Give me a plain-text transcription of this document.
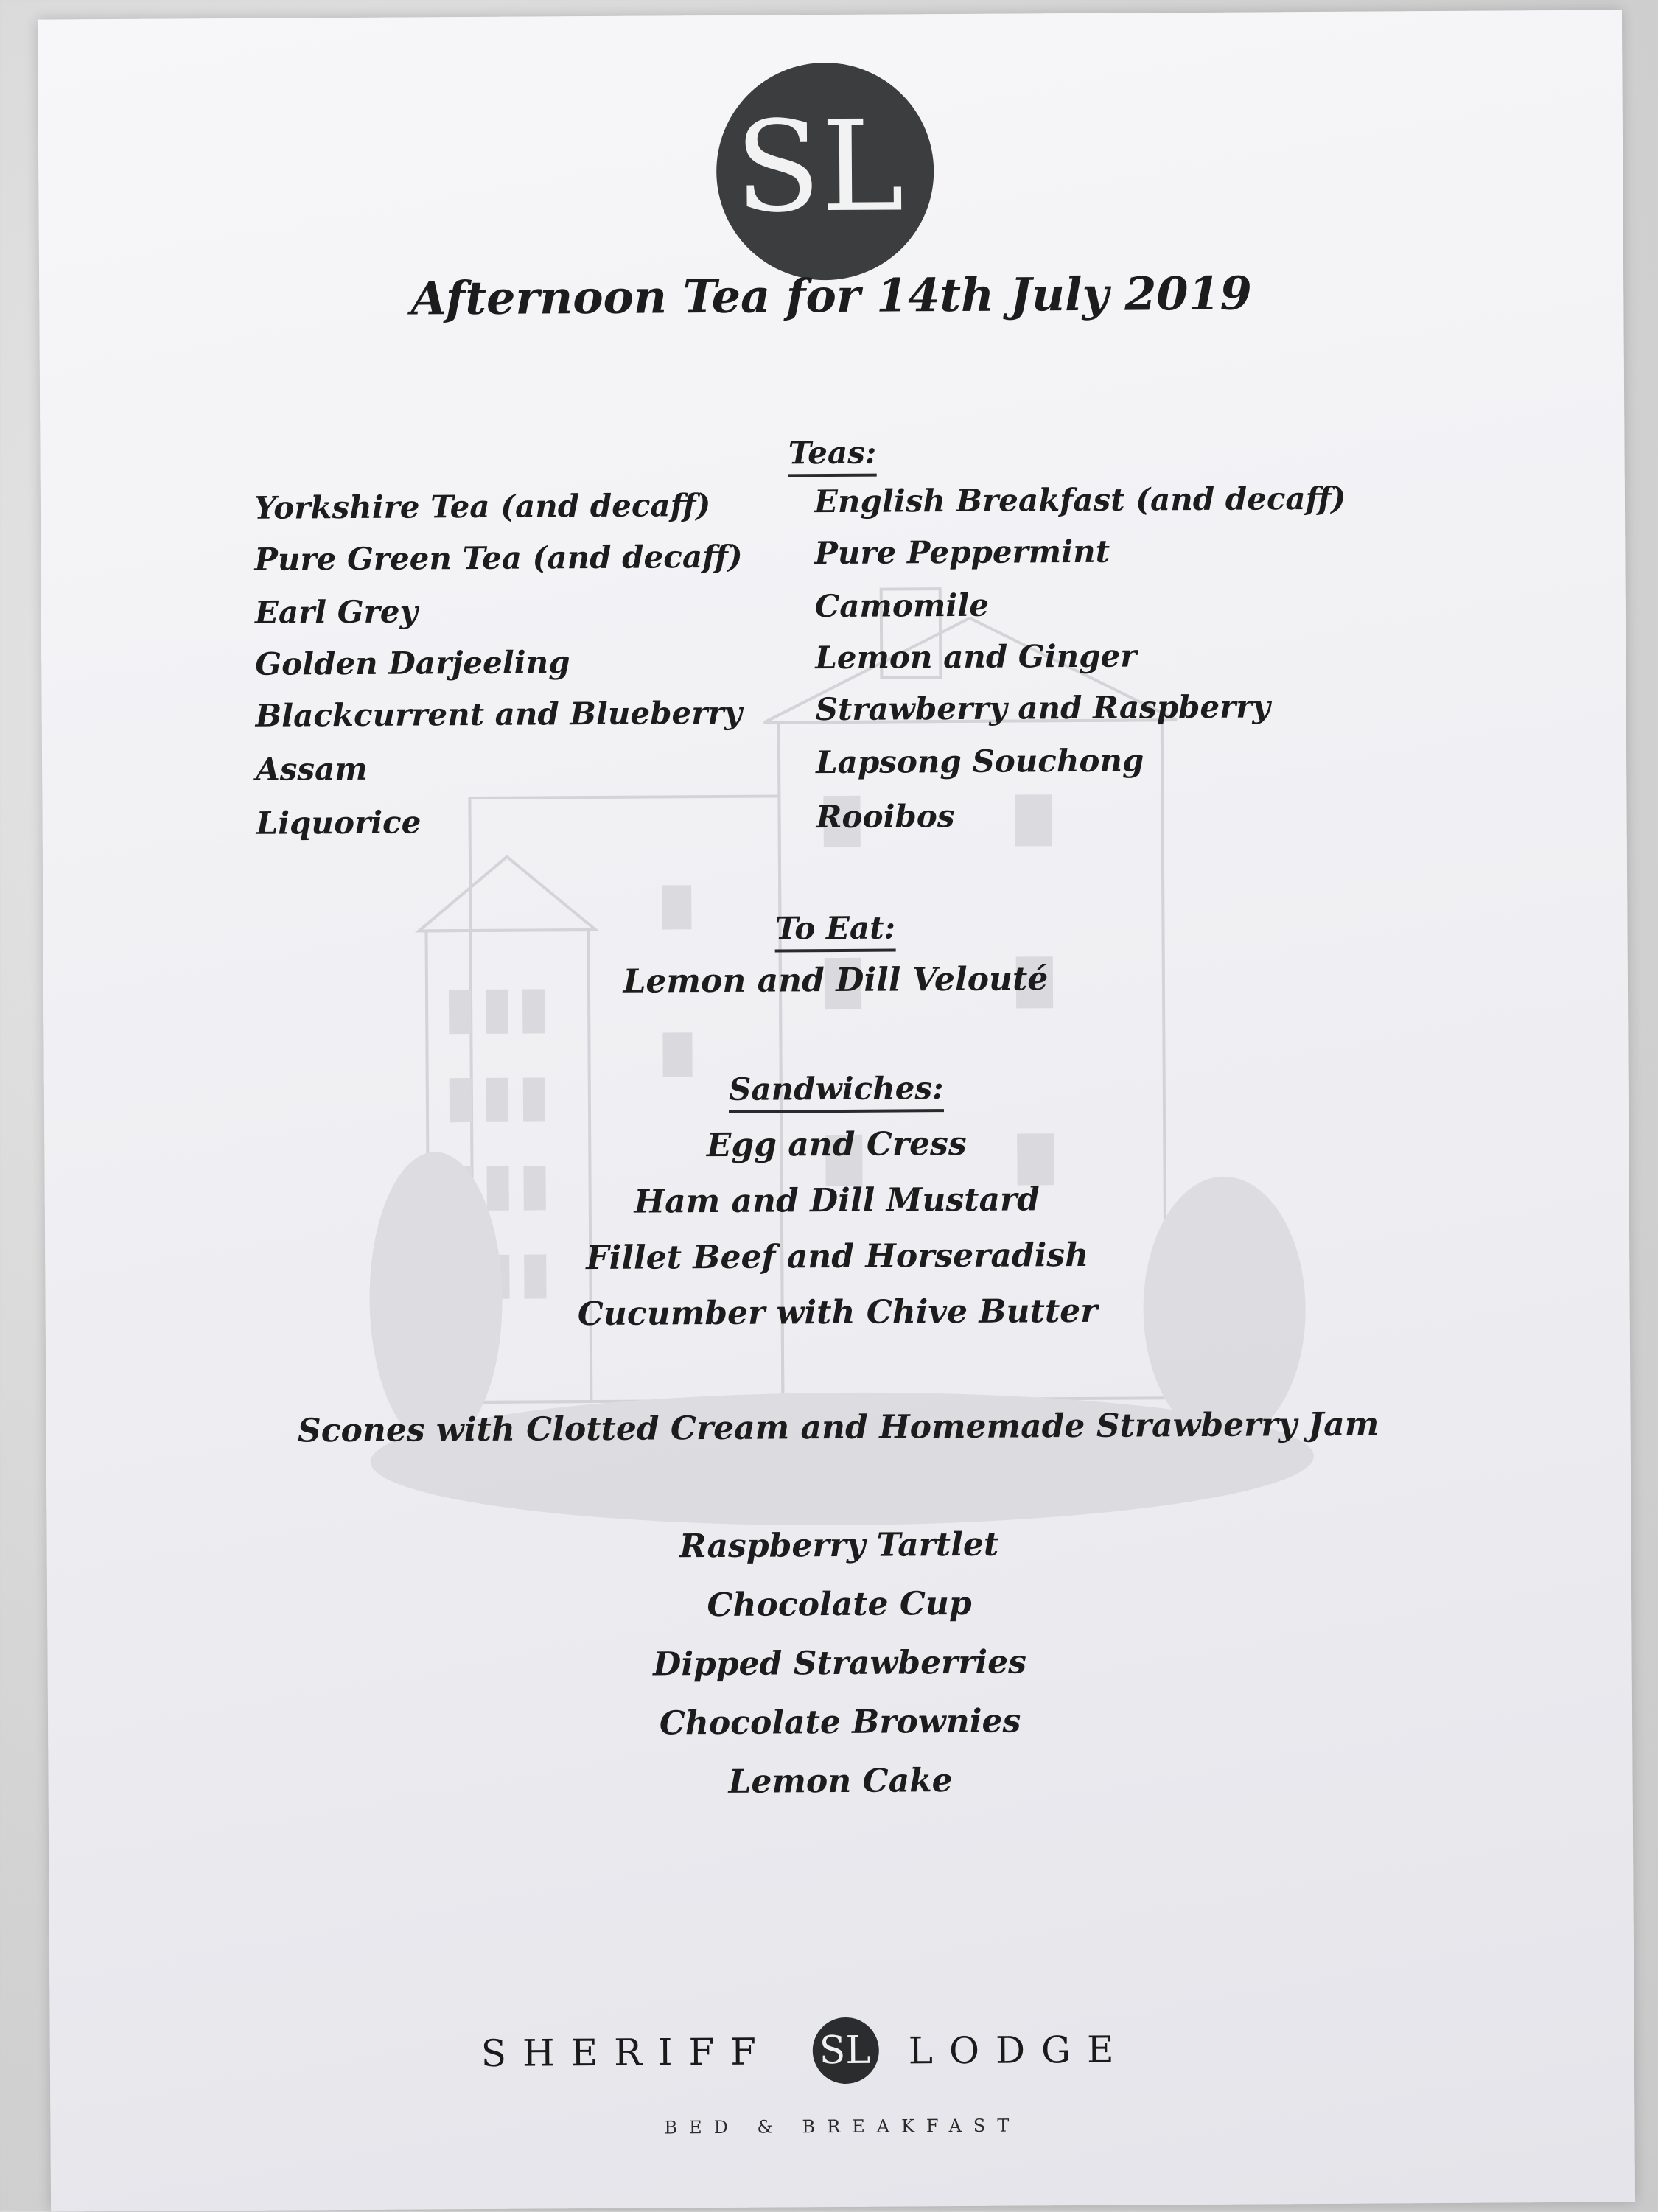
SL
Afternoon Tea for 14th July 2019
Teas:
Yorkshire Tea (and decaff)
Pure Green Tea (and decaff)
Earl Grey
Golden Darjeeling
Blackcurrent and Blueberry
Assam
Liquorice
English Breakfast (and decaff)
Pure Peppermint
Camomile
Lemon and Ginger
Strawberry and Raspberry
Lapsong Souchong
Rooibos
To Eat:
Lemon and Dill Velouté
Sandwiches:
Egg and Cress
Ham and Dill Mustard
Fillet Beef and Horseradish
Cucumber with Chive Butter
Scones with Clotted Cream and Homemade Strawberry Jam
Raspberry Tartlet
Chocolate Cup
Dipped Strawberries
Chocolate Brownies
Lemon Cake
SHERIFF SL LODGE
BED & BREAKFAST
